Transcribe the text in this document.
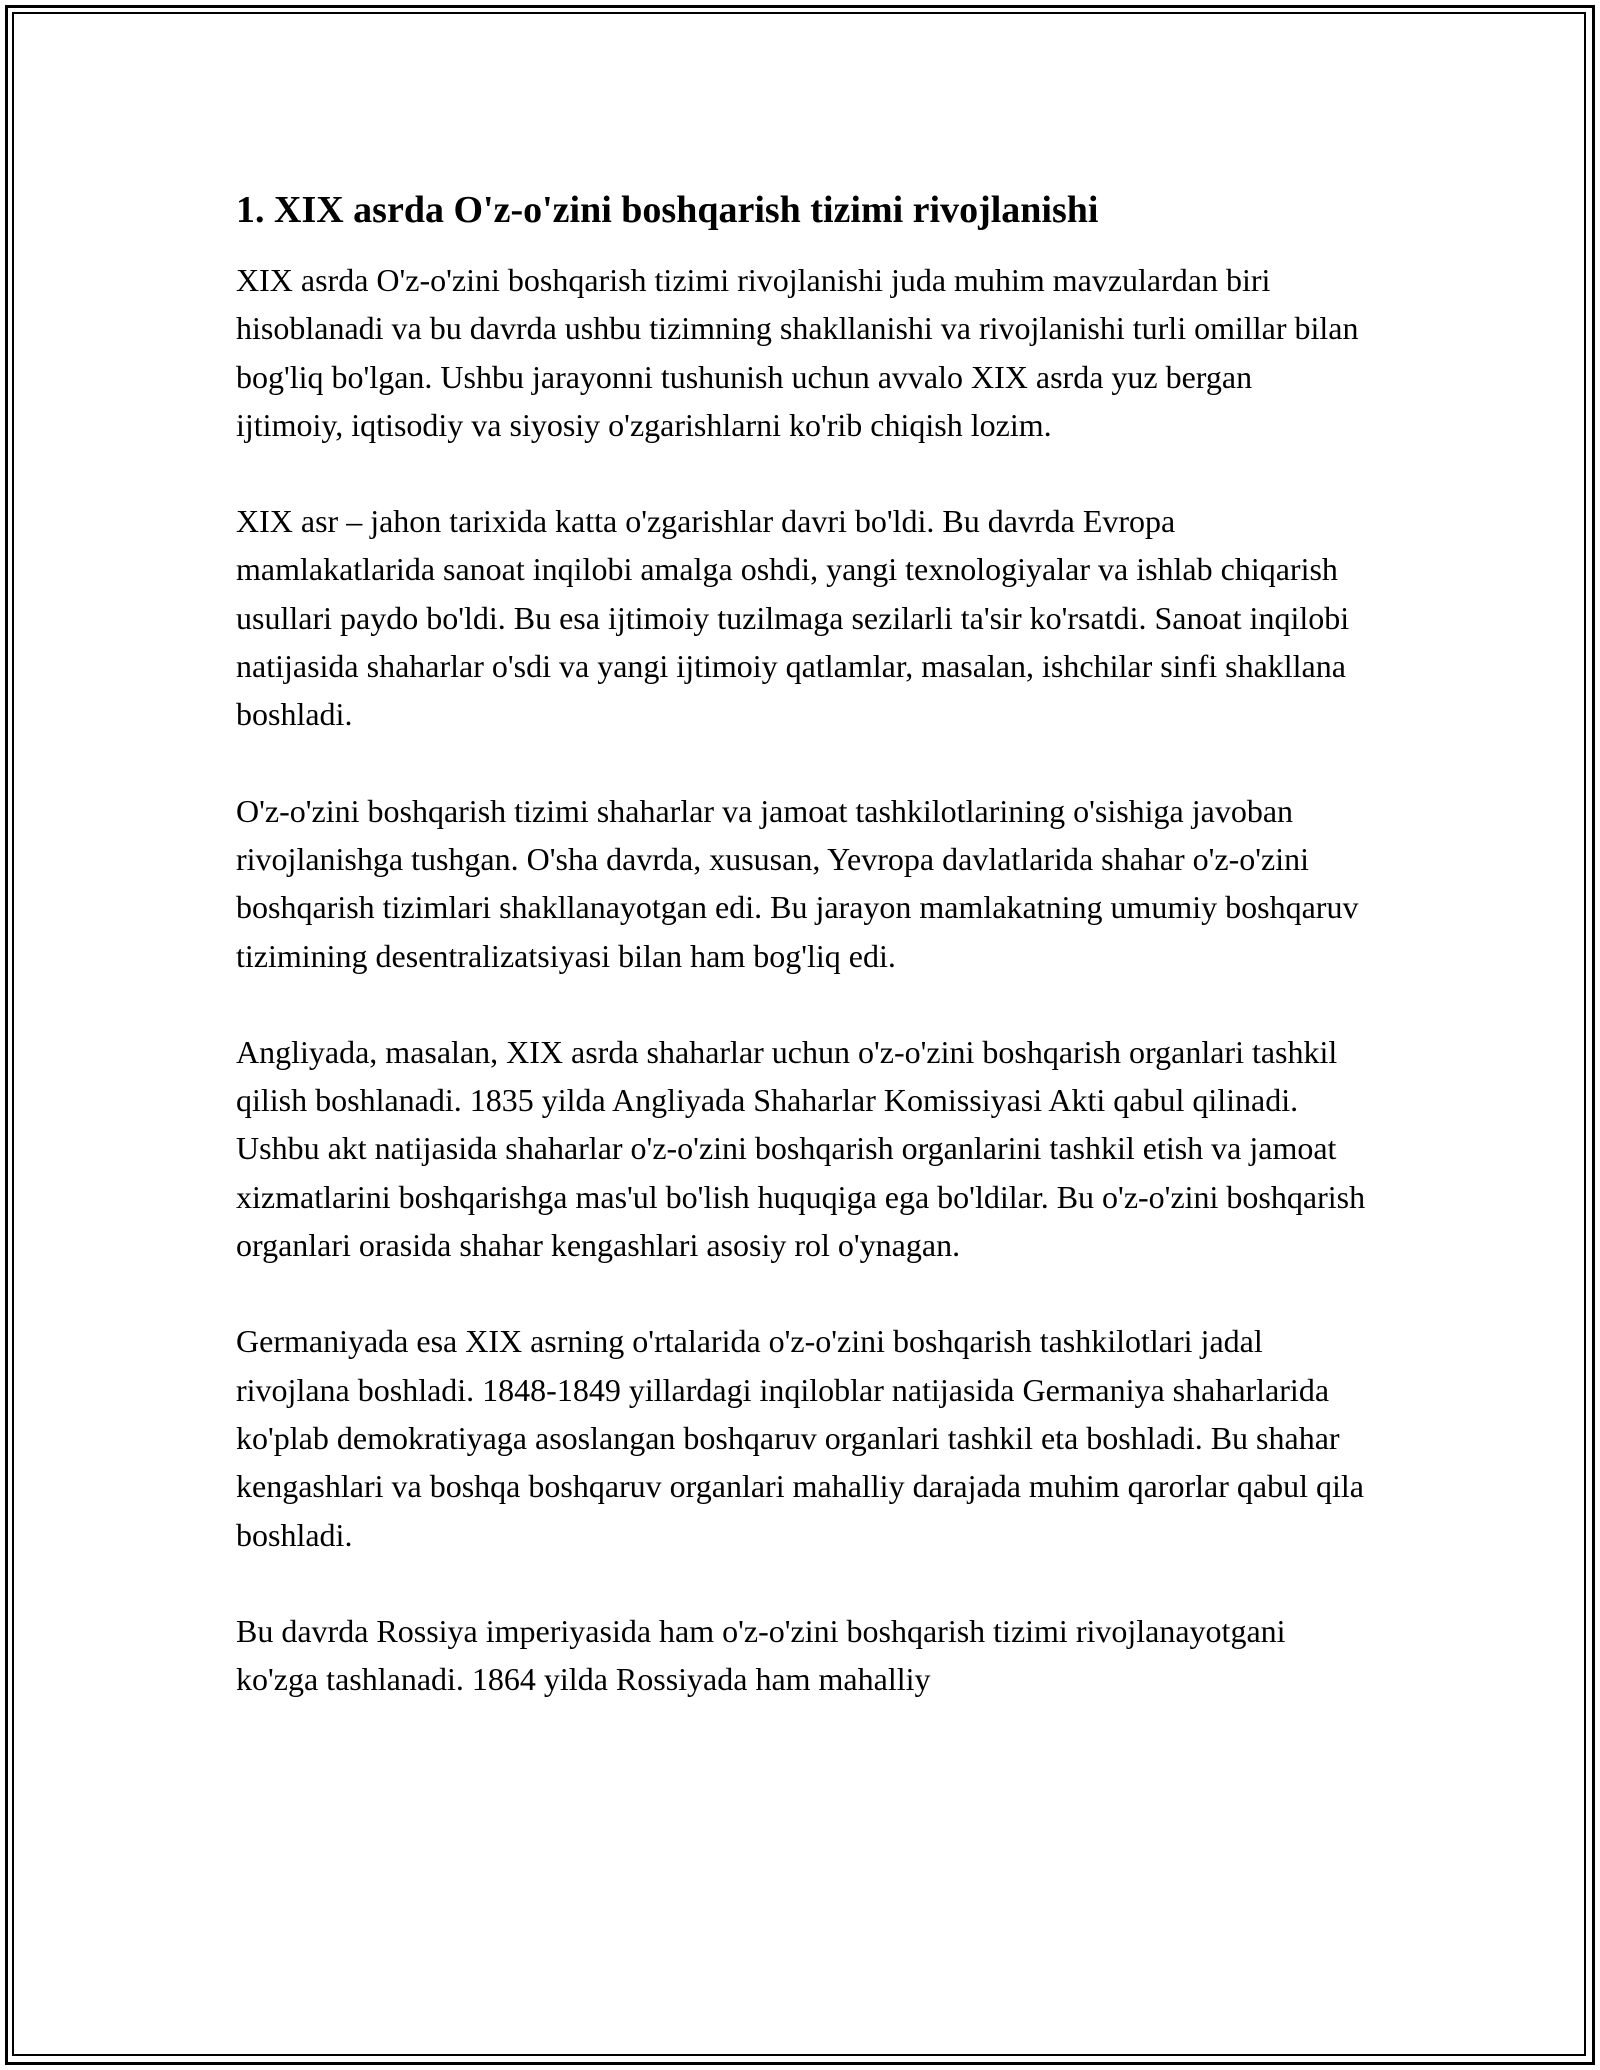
1. XIX asrda O'z-o'zini boshqarish tizimi rivojlanishi

XIX asrda O'z-o'zini boshqarish tizimi rivojlanishi juda muhim mavzulardan biri hisoblanadi va bu davrda ushbu tizimning shakllanishi va rivojlanishi turli omillar bilan bog'liq bo'lgan. Ushbu jarayonni tushunish uchun avvalo XIX asrda yuz bergan ijtimoiy, iqtisodiy va siyosiy o'zgarishlarni ko'rib chiqish lozim.

XIX asr – jahon tarixida katta o'zgarishlar davri bo'ldi. Bu davrda Evropa mamlakatlarida sanoat inqilobi amalga oshdi, yangi texnologiyalar va ishlab chiqarish usullari paydo bo'ldi. Bu esa ijtimoiy tuzilmaga sezilarli ta'sir ko'rsatdi. Sanoat inqilobi natijasida shaharlar o'sdi va yangi ijtimoiy qatlamlar, masalan, ishchilar sinfi shakllana boshladi.

O'z-o'zini boshqarish tizimi shaharlar va jamoat tashkilotlarining o'sishiga javoban rivojlanishga tushgan. O'sha davrda, xususan, Yevropa davlatlarida shahar o'z-o'zini boshqarish tizimlari shakllanayotgan edi. Bu jarayon mamlakatning umumiy boshqaruv tizimining desentralizatsiyasi bilan ham bog'liq edi.

Angliyada, masalan, XIX asrda shaharlar uchun o'z-o'zini boshqarish organlari tashkil qilish boshlanadi. 1835 yilda Angliyada Shaharlar Komissiyasi Akti qabul qilinadi. Ushbu akt natijasida shaharlar o'z-o'zini boshqarish organlarini tashkil etish va jamoat xizmatlarini boshqarishga mas'ul bo'lish huquqiga ega bo'ldilar. Bu o'z-o'zini boshqarish organlari orasida shahar kengashlari asosiy rol o'ynagan.

Germaniyada esa XIX asrning o'rtalarida o'z-o'zini boshqarish tashkilotlari jadal rivojlana boshladi. 1848-1849 yillardagi inqiloblar natijasida Germaniya shaharlarida ko'plab demokratiyaga asoslangan boshqaruv organlari tashkil eta boshladi. Bu shahar kengashlari va boshqa boshqaruv organlari mahalliy darajada muhim qarorlar qabul qila boshladi.

Bu davrda Rossiya imperiyasida ham o'z-o'zini boshqarish tizimi rivojlanayotgani ko'zga tashlanadi. 1864 yilda Rossiyada ham mahalliy
